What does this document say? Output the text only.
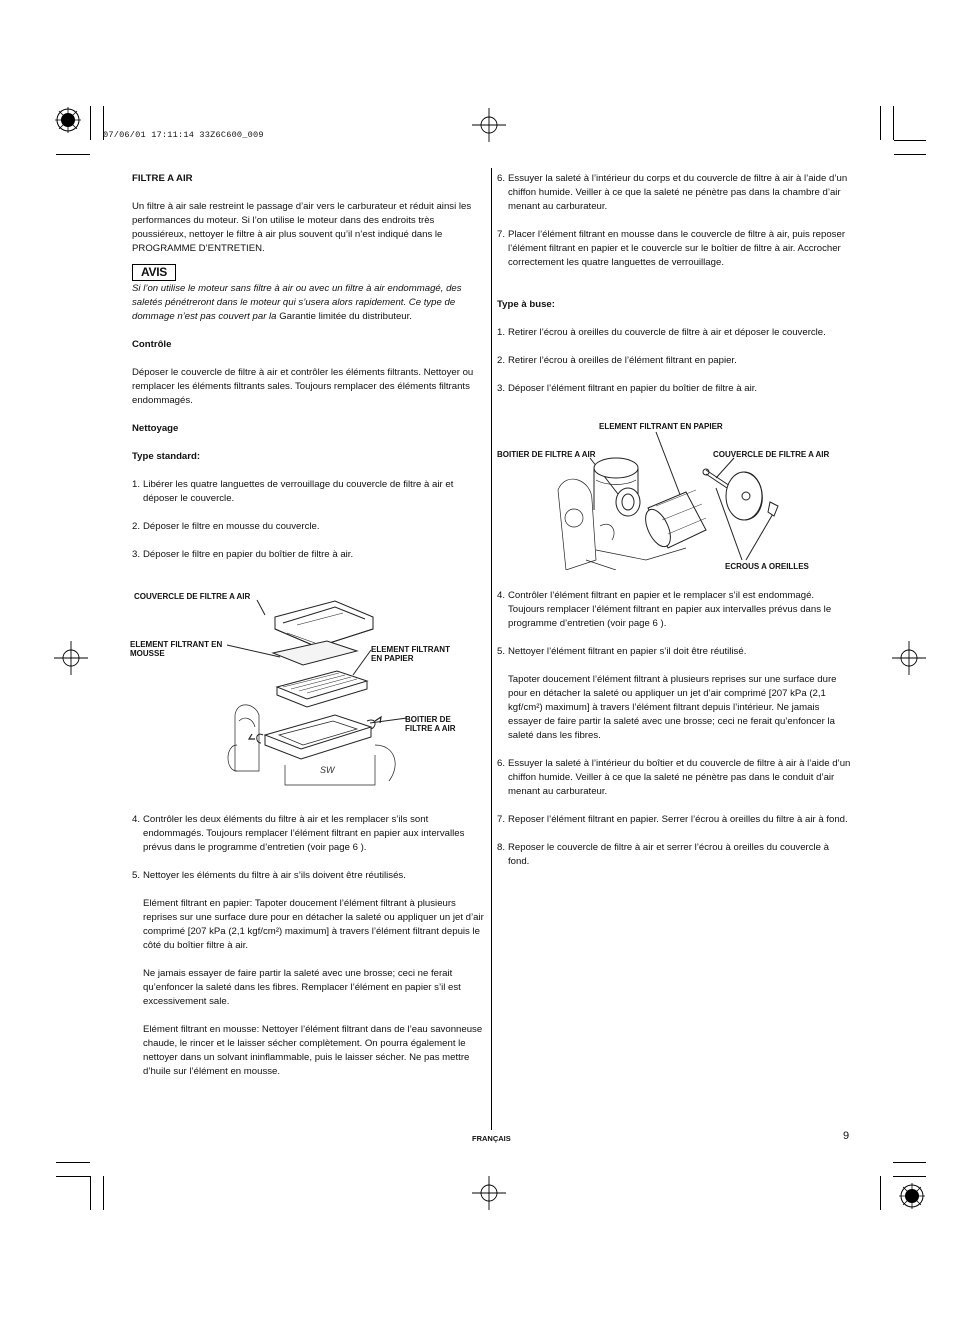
07/06/01 17:11:14 33Z6C600_009

FILTRE A AIR

Un filtre à air sale restreint le passage d’air vers le carburateur et réduit ainsi les performances du moteur. Si l’on utilise le moteur dans des endroits très poussiéreux, nettoyer le filtre à air plus souvent qu’il n’est indiqué dans le PROGRAMME D’ENTRETIEN.

AVIS

Si l’on utilise le moteur sans filtre à air ou avec un filtre à air endommagé, des saletés pénétreront dans le moteur qui s’usera alors rapidement. Ce type de dommage n’est pas couvert par la Garantie limitée du distributeur.

Contrôle

Déposer le couvercle de filtre à air et contrôler les éléments filtrants. Nettoyer ou remplacer les éléments filtrants sales. Toujours remplacer des éléments filtrants endommagés.

Nettoyage

Type standard:

1. Libérer les quatre languettes de verrouillage du couvercle de filtre à air et déposer le couvercle.
2. Déposer le filtre en mousse du couvercle.
3. Déposer le filtre en papier du boîtier de filtre à air.
COUVERCLE DE FILTRE A AIR
ELEMENT FILTRANT EN MOUSSE	ELEMENT FILTRANT EN PAPIER
BOITIER DE FILTRE A AIR
SW
4. Contrôler les deux éléments du filtre à air et les remplacer s’ils sont endommagés. Toujours remplacer l’élément filtrant en papier aux intervalles prévus dans le programme d’entretien (voir page 6 ).
5. Nettoyer les éléments du filtre à air s’ils doivent être réutilisés.

Elément filtrant en papier: Tapoter doucement l’élément filtrant à plusieurs reprises sur une surface dure pour en détacher la saleté ou appliquer un jet d’air comprimé [207 kPa (2,1 kgf/cm²) maximum] à travers l’élément filtrant depuis le côté du boîtier filtre à air.

Ne jamais essayer de faire partir la saleté avec une brosse; ceci ne ferait qu’enfoncer la saleté dans les fibres. Remplacer l’élément en papier s’il est excessivement sale.

Elément filtrant en mousse: Nettoyer l’élément filtrant dans de l’eau savonneuse chaude, le rincer et le laisser sécher complètement. On pourra également le nettoyer dans un solvant ininflammable, puis le laisser sécher. Ne pas mettre d’huile sur l’élément en mousse.

6. Essuyer la saleté à l’intérieur du corps et du couvercle de filtre à air à l’aide d’un chiffon humide. Veiller à ce que la saleté ne pénètre pas dans la chambre d’air menant au carburateur.
7. Placer l’élément filtrant en mousse dans le couvercle de filtre à air, puis reposer l’élément filtrant en papier et le couvercle sur le boîtier de filtre à air. Accrocher correctement les quatre languettes de verrouillage.

Type à buse:

1. Retirer l’écrou à oreilles du couvercle de filtre à air et déposer le couvercle.
2. Retirer l’écrou à oreilles de l’élément filtrant en papier.
3. Déposer l’élément filtrant en papier du boîtier de filtre à air.
ELEMENT FILTRANT EN PAPIER
BOITIER DE FILTRE A AIR	COUVERCLE DE FILTRE A AIR
ECROUS A OREILLES
4. Contrôler l’élément filtrant en papier et le remplacer s’il est endommagé. Toujours remplacer l’élément filtrant en papier aux intervalles prévus dans le programme d’entretien (voir page 6 ).
5. Nettoyer l’élément filtrant en papier s’il doit être réutilisé.

Tapoter doucement l’élément filtrant à plusieurs reprises sur une surface dure pour en détacher la saleté ou appliquer un jet d’air comprimé [207 kPa (2,1 kgf/cm²) maximum] à travers l’élément filtrant depuis l’intérieur. Ne jamais essayer de faire partir la saleté avec une brosse; ceci ne ferait qu’enfoncer la saleté dans les fibres.

6. Essuyer la saleté à l’intérieur du boîtier et du couvercle de filtre à air à l’aide d’un chiffon humide. Veiller à ce que la saleté ne pénètre pas dans le conduit d’air menant au carburateur.
7. Reposer l’élément filtrant en papier. Serrer l’écrou à oreilles du filtre à air à fond.
8. Reposer le couvercle de filtre à air et serrer l’écrou à oreilles du couvercle à fond.
FRANÇAIS	9
